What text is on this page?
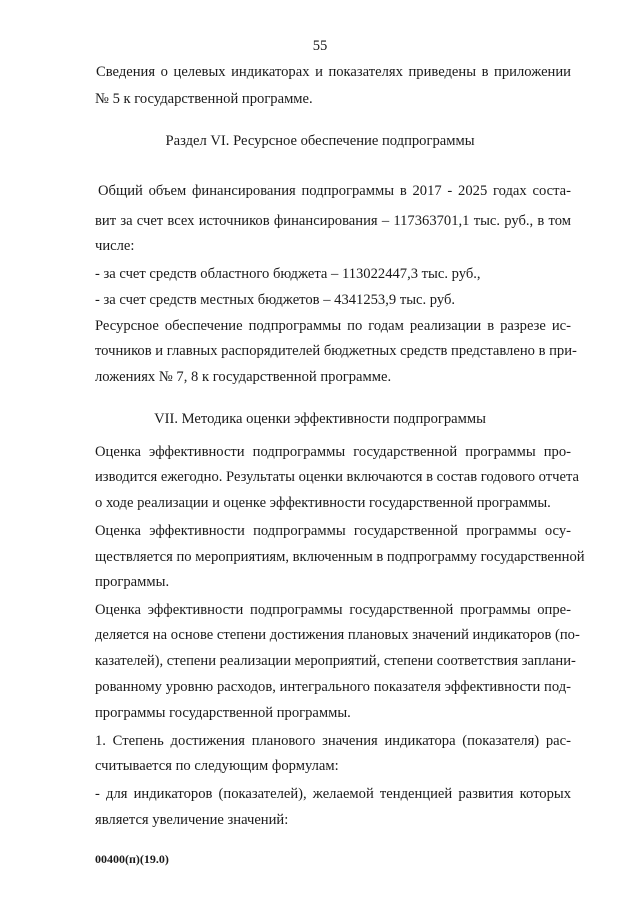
55
Сведения о целевых индикаторах и показателях приведены в приложении
№ 5 к государственной программе.
Раздел VI. Ресурсное обеспечение подпрограммы
Общий объем финансирования подпрограммы в 2017 - 2025 годах соста-
вит за счет всех источников финансирования – 117363701,1 тыс. руб., в том
числе:
- за счет средств областного бюджета – 113022447,3 тыс. руб.,
- за счет средств местных бюджетов – 4341253,9 тыс. руб.
Ресурсное обеспечение подпрограммы по годам реализации в разрезе ис-
точников и главных распорядителей бюджетных средств представлено в при-
ложениях № 7, 8 к государственной программе.
VII. Методика оценки эффективности подпрограммы
Оценка эффективности подпрограммы государственной программы про-
изводится ежегодно. Результаты оценки включаются в состав годового отчета
о ходе реализации и оценке эффективности государственной программы.
Оценка эффективности подпрограммы государственной программы осу-
ществляется по мероприятиям, включенным в подпрограмму государственной
программы.
Оценка эффективности подпрограммы государственной программы опре-
деляется на основе степени достижения плановых значений индикаторов (по-
казателей), степени реализации мероприятий, степени соответствия заплани-
рованному уровню расходов, интегрального показателя эффективности под-
программы государственной программы.
1. Степень достижения планового значения индикатора (показателя) рас-
считывается по следующим формулам:
- для индикаторов (показателей), желаемой тенденцией развития которых
является увеличение значений:
00400(п)(19.0)
